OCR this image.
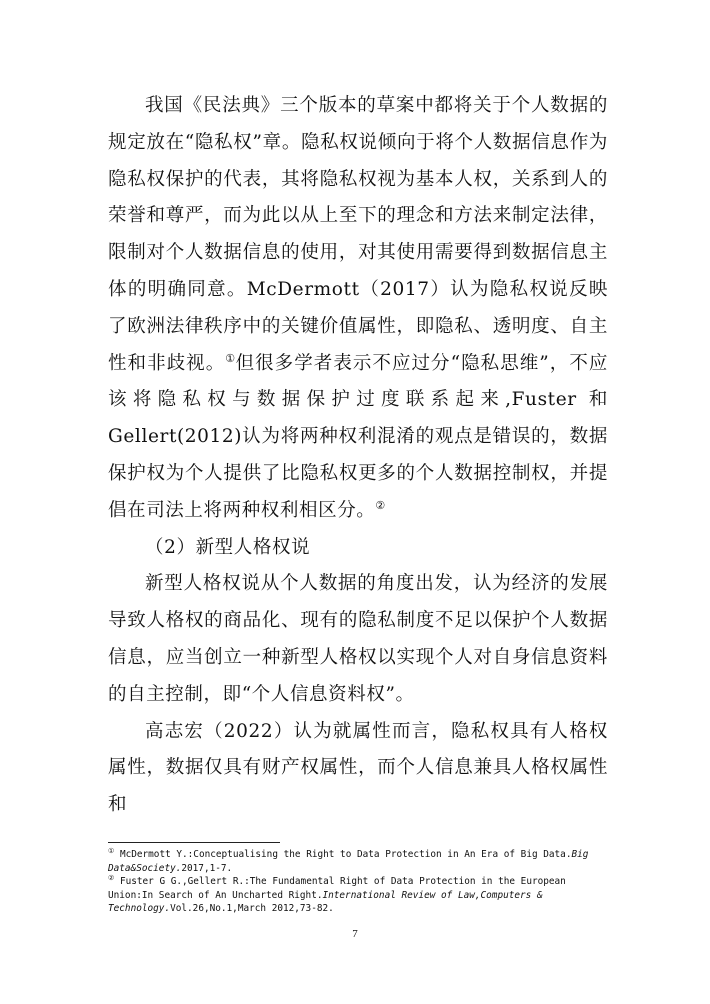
我国《民法典》三个版本的草案中都将关于个人数据的规定放在“隐私权”章。隐私权说倾向于将个人数据信息作为隐私权保护的代表，其将隐私权视为基本人权，关系到人的荣誉和尊严，而为此以从上至下的理念和方法来制定法律，限制对个人数据信息的使用，对其使用需要得到数据信息主体的明确同意。McDermott（2017）认为隐私权说反映了欧洲法律秩序中的关键价值属性，即隐私、透明度、自主性和非歧视。①但很多学者表示不应过分“隐私思维”，不应该将隐私权与数据保护过度联系起来,Fuster 和 Gellert(2012)认为将两种权利混淆的观点是错误的，数据保护权为个人提供了比隐私权更多的个人数据控制权，并提倡在司法上将两种权利相区分。②

（2）新型人格权说

新型人格权说从个人数据的角度出发，认为经济的发展导致人格权的商品化、现有的隐私制度不足以保护个人数据信息，应当创立一种新型人格权以实现个人对自身信息资料的自主控制，即“个人信息资料权”。

高志宏（2022）认为就属性而言，隐私权具有人格权属性，数据仅具有财产权属性，而个人信息兼具人格权属性和

① McDermott Y.:Conceptualising the Right to Data Protection in An Era of Big Data.Big Data&Society.2017,1-7.

② Fuster G G.,Gellert R.:The Fundamental Right of Data Protection in the European Union:In Search of An Uncharted Right.International Review of Law,Computers & Technology.Vol.26,No.1,March 2012,73-82.

7
